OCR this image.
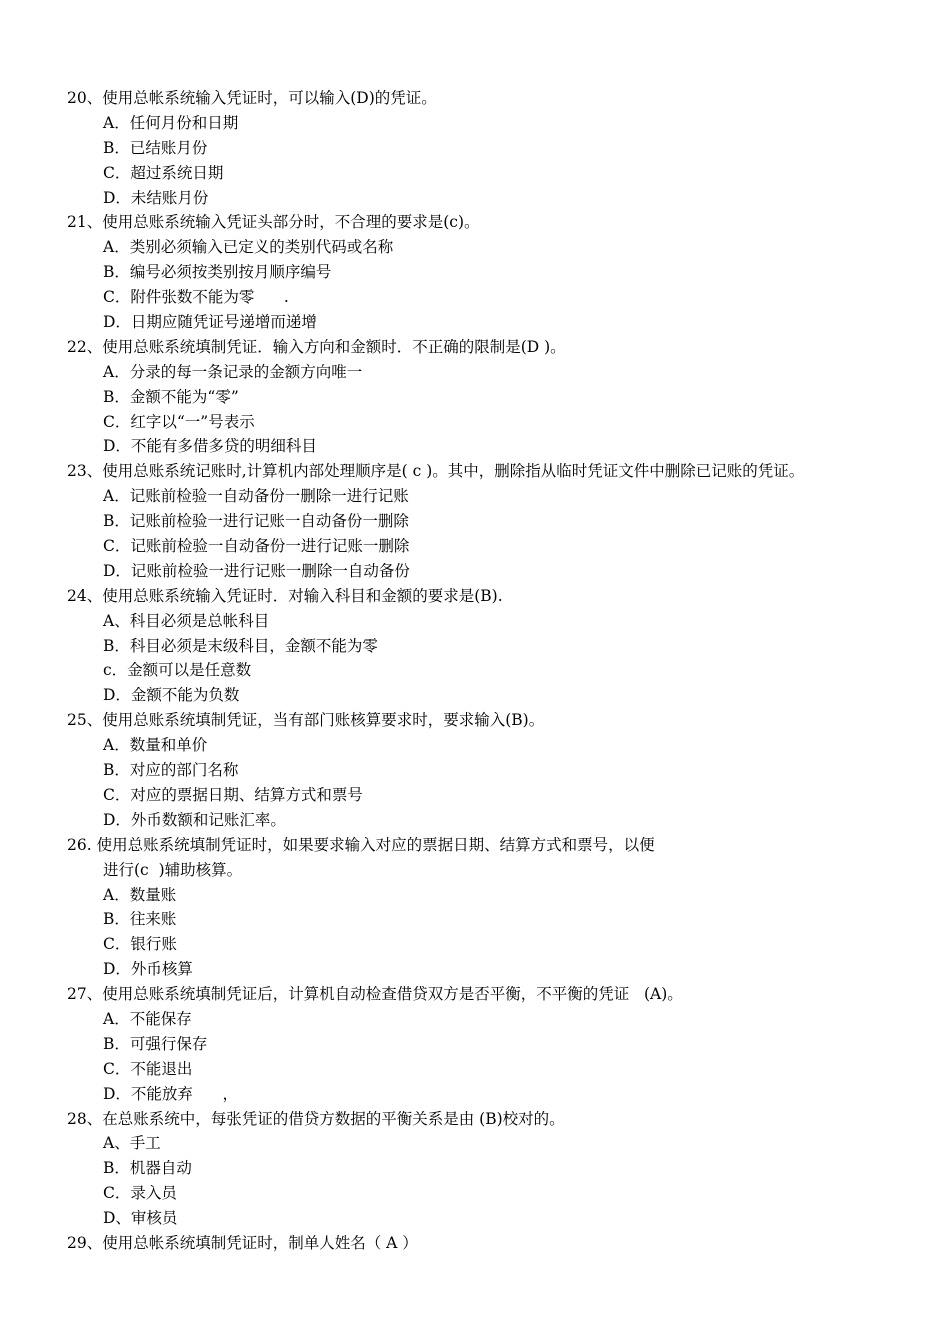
20、使用总帐系统输入凭证时，可以输入(D)的凭证。
A．任何月份和日期
B．已结账月份
C．超过系统日期
D．未结账月份
21、使用总账系统输入凭证头部分时，不合理的要求是(c)。
A．类别必须输入已定义的类别代码或名称
B．编号必须按类别按月顺序编号
C．附件张数不能为零      .
D．日期应随凭证号递增而递增
22、使用总账系统填制凭证．输入方向和金额时．不正确的限制是(D )。
A．分录的每一条记录的金额方向唯一
B．金额不能为“零”
C．红字以“一”号表示
D．不能有多借多贷的明细科目
23、使用总账系统记账时,计算机内部处理顺序是( c )。其中，删除指从临时凭证文件中删除已记账的凭证。
A．记账前检验一自动备份一删除一进行记账
B．记账前检验一进行记账一自动备份一删除
C．记账前检验一自动备份一进行记账一删除
D．记账前检验一进行记账一删除一自动备份
24、使用总账系统输入凭证时．对输入科目和金额的要求是(B).
A、科目必须是总帐科目
B．科目必须是末级科目，金额不能为零
c．金额可以是任意数
D．金额不能为负数
25、使用总账系统填制凭证，当有部门账核算要求时，要求输入(B)。
A．数量和单价
B．对应的部门名称
C．对应的票据日期、结算方式和票号
D．外币数额和记账汇率。
26. 使用总账系统填制凭证时，如果要求输入对应的票据日期、结算方式和票号，以便
进行(c  )辅助核算。
A．数量账
B．往来账
C．银行账
D．外币核算
27、使用总账系统填制凭证后，计算机自动检查借贷双方是否平衡，不平衡的凭证   (A)。
A．不能保存
B．可强行保存
C．不能退出
D．不能放弃      ，
28、在总账系统中，每张凭证的借贷方数据的平衡关系是由 (B)校对的。
A、手工
B．机器自动
C．录入员
D、审核员
29、使用总帐系统填制凭证时，制单人姓名（ A ）
